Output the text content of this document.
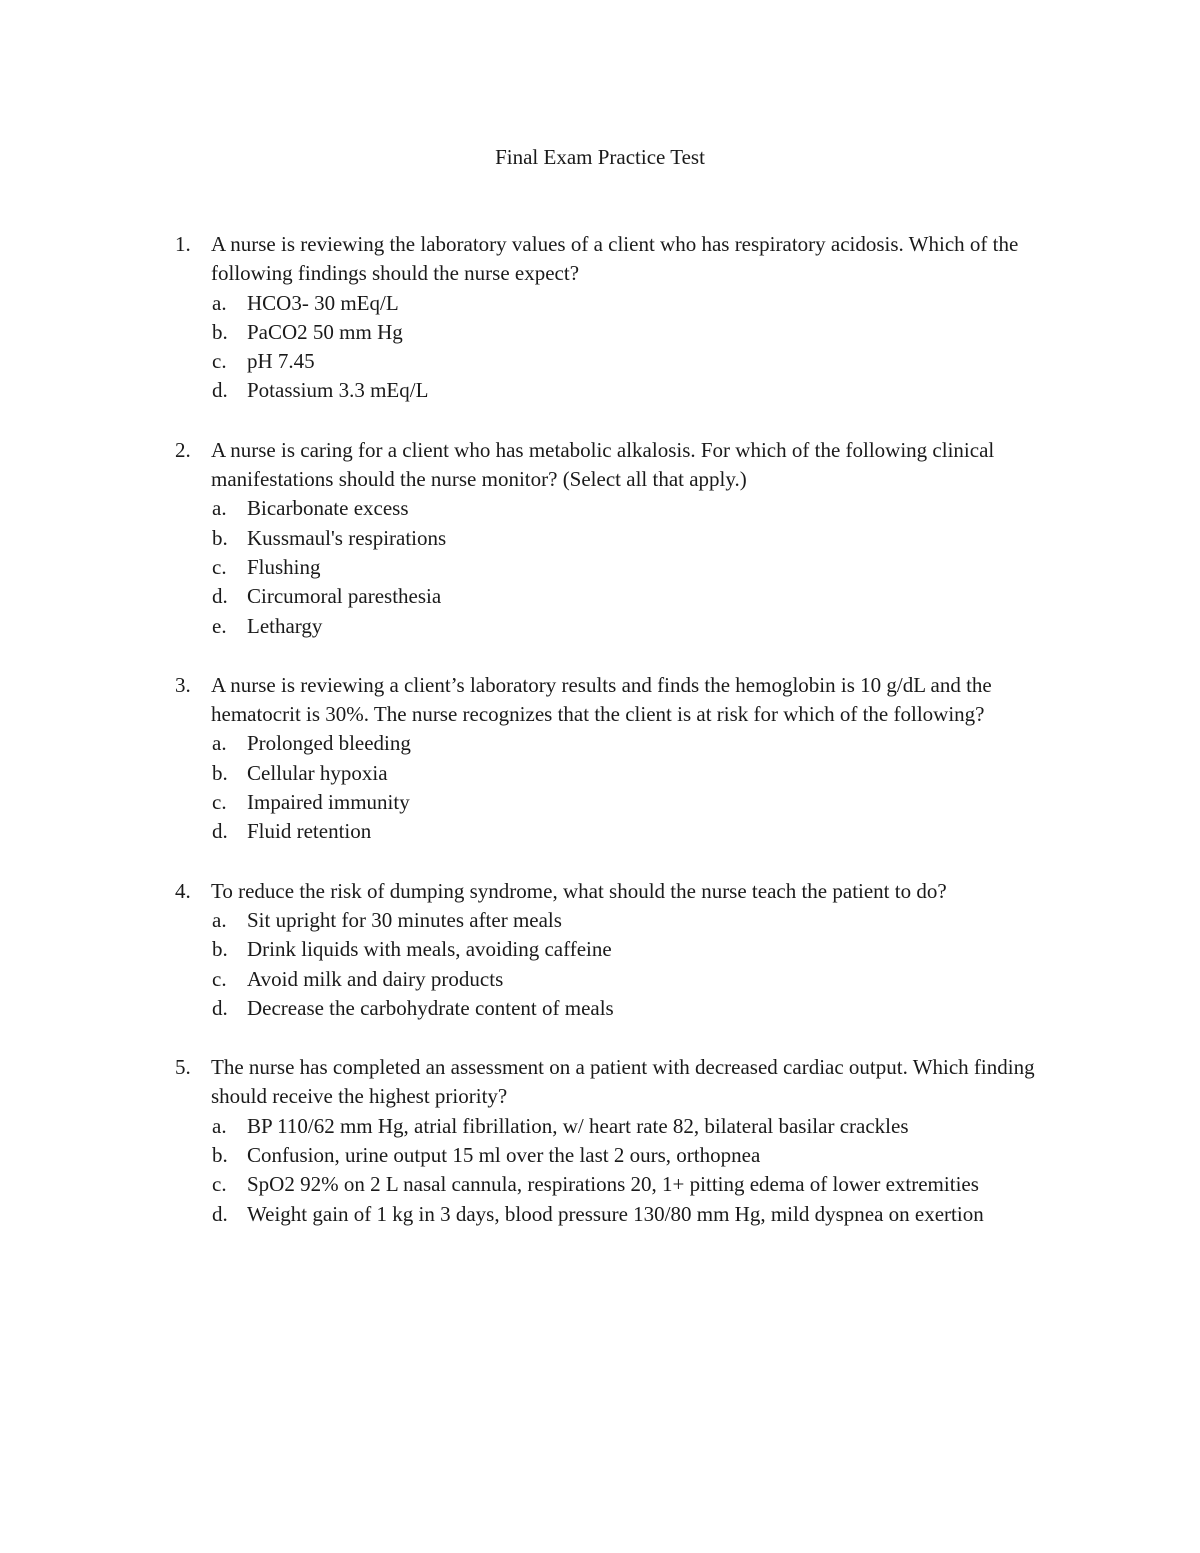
Final Exam Practice Test
1. A nurse is reviewing the laboratory values of a client who has respiratory acidosis. Which of the following findings should the nurse expect?
a. HCO3- 30 mEq/L
b. PaCO2 50 mm Hg
c. pH 7.45
d. Potassium 3.3 mEq/L
2. A nurse is caring for a client who has metabolic alkalosis. For which of the following clinical manifestations should the nurse monitor? (Select all that apply.)
a. Bicarbonate excess
b. Kussmaul's respirations
c. Flushing
d. Circumoral paresthesia
e. Lethargy
3. A nurse is reviewing a client’s laboratory results and finds the hemoglobin is 10 g/dL and the hematocrit is 30%. The nurse recognizes that the client is at risk for which of the following?
a. Prolonged bleeding
b. Cellular hypoxia
c. Impaired immunity
d. Fluid retention
4. To reduce the risk of dumping syndrome, what should the nurse teach the patient to do?
a. Sit upright for 30 minutes after meals
b. Drink liquids with meals, avoiding caffeine
c. Avoid milk and dairy products
d. Decrease the carbohydrate content of meals
5. The nurse has completed an assessment on a patient with decreased cardiac output. Which finding should receive the highest priority?
a. BP 110/62 mm Hg, atrial fibrillation, w/ heart rate 82, bilateral basilar crackles
b. Confusion, urine output 15 ml over the last 2 ours, orthopnea
c. SpO2 92% on 2 L nasal cannula, respirations 20, 1+ pitting edema of lower extremities
d. Weight gain of 1 kg in 3 days, blood pressure 130/80 mm Hg, mild dyspnea on exertion
